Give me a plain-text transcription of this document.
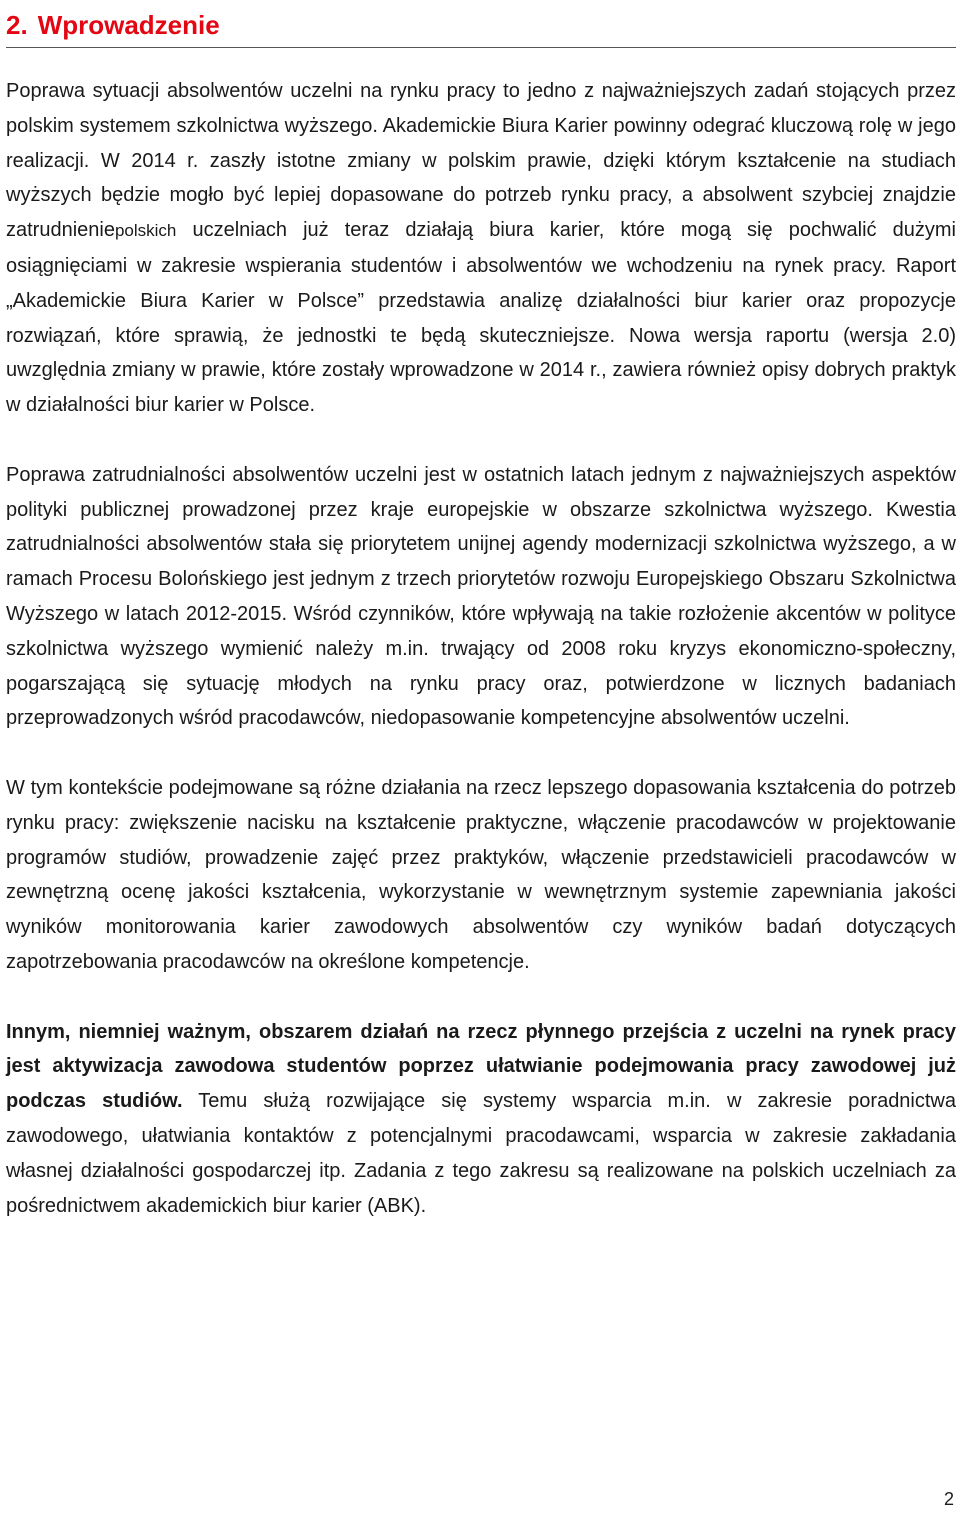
2. Wprowadzenie

Poprawa sytuacji absolwentów uczelni na rynku pracy to jedno z najważniejszych zadań stojących przez polskim systemem szkolnictwa wyższego. Akademickie Biura Karier powinny odegrać kluczową rolę w jego realizacji. W 2014 r. zaszły istotne zmiany w polskim prawie, dzięki którym kształcenie na studiach wyższych będzie mogło być lepiej dopasowane do potrzeb rynku pracy, a absolwent szybciej znajdzie zatrudnieniepolskich uczelniach już teraz działają biura karier, które mogą się pochwalić dużymi osiągnięciami w zakresie wspierania studentów i absolwentów we wchodzeniu na rynek pracy. Raport „Akademickie Biura Karier w Polsce” przedstawia analizę działalności biur karier oraz propozycje rozwiązań, które sprawią, że jednostki te będą skuteczniejsze. Nowa wersja raportu (wersja 2.0) uwzględnia zmiany w prawie, które zostały wprowadzone w 2014 r., zawiera również opisy dobrych praktyk w działalności biur karier w Polsce.

Poprawa zatrudnialności absolwentów uczelni jest w ostatnich latach jednym z najważniejszych aspektów polityki publicznej prowadzonej przez kraje europejskie w obszarze szkolnictwa wyższego. Kwestia zatrudnialności absolwentów stała się priorytetem unijnej agendy modernizacji szkolnictwa wyższego, a w ramach Procesu Bolońskiego jest jednym z trzech priorytetów rozwoju Europejskiego Obszaru Szkolnictwa Wyższego w latach 2012-2015. Wśród czynników, które wpływają na takie rozłożenie akcentów w polityce szkolnictwa wyższego wymienić należy m.in. trwający od 2008 roku kryzys ekonomiczno-społeczny, pogarszającą się sytuację młodych na rynku pracy oraz, potwierdzone w licznych badaniach przeprowadzonych wśród pracodawców, niedopasowanie kompetencyjne absolwentów uczelni.

W tym kontekście podejmowane są różne działania na rzecz lepszego dopasowania kształcenia do potrzeb rynku pracy: zwiększenie nacisku na kształcenie praktyczne, włączenie pracodawców w projektowanie programów studiów, prowadzenie zajęć przez praktyków, włączenie przedstawicieli pracodawców w zewnętrzną ocenę jakości kształcenia, wykorzystanie w wewnętrznym systemie zapewniania jakości wyników monitorowania karier zawodowych absolwentów czy wyników badań dotyczących zapotrzebowania pracodawców na określone kompetencje.

Innym, niemniej ważnym, obszarem działań na rzecz płynnego przejścia z uczelni na rynek pracy jest aktywizacja zawodowa studentów poprzez ułatwianie podejmowania pracy zawodowej już podczas studiów. Temu służą rozwijające się systemy wsparcia m.in. w zakresie poradnictwa zawodowego, ułatwiania kontaktów z potencjalnymi pracodawcami, wsparcia w zakresie zakładania własnej działalności gospodarczej itp. Zadania z tego zakresu są realizowane na polskich uczelniach za pośrednictwem akademickich biur karier (ABK).

2
